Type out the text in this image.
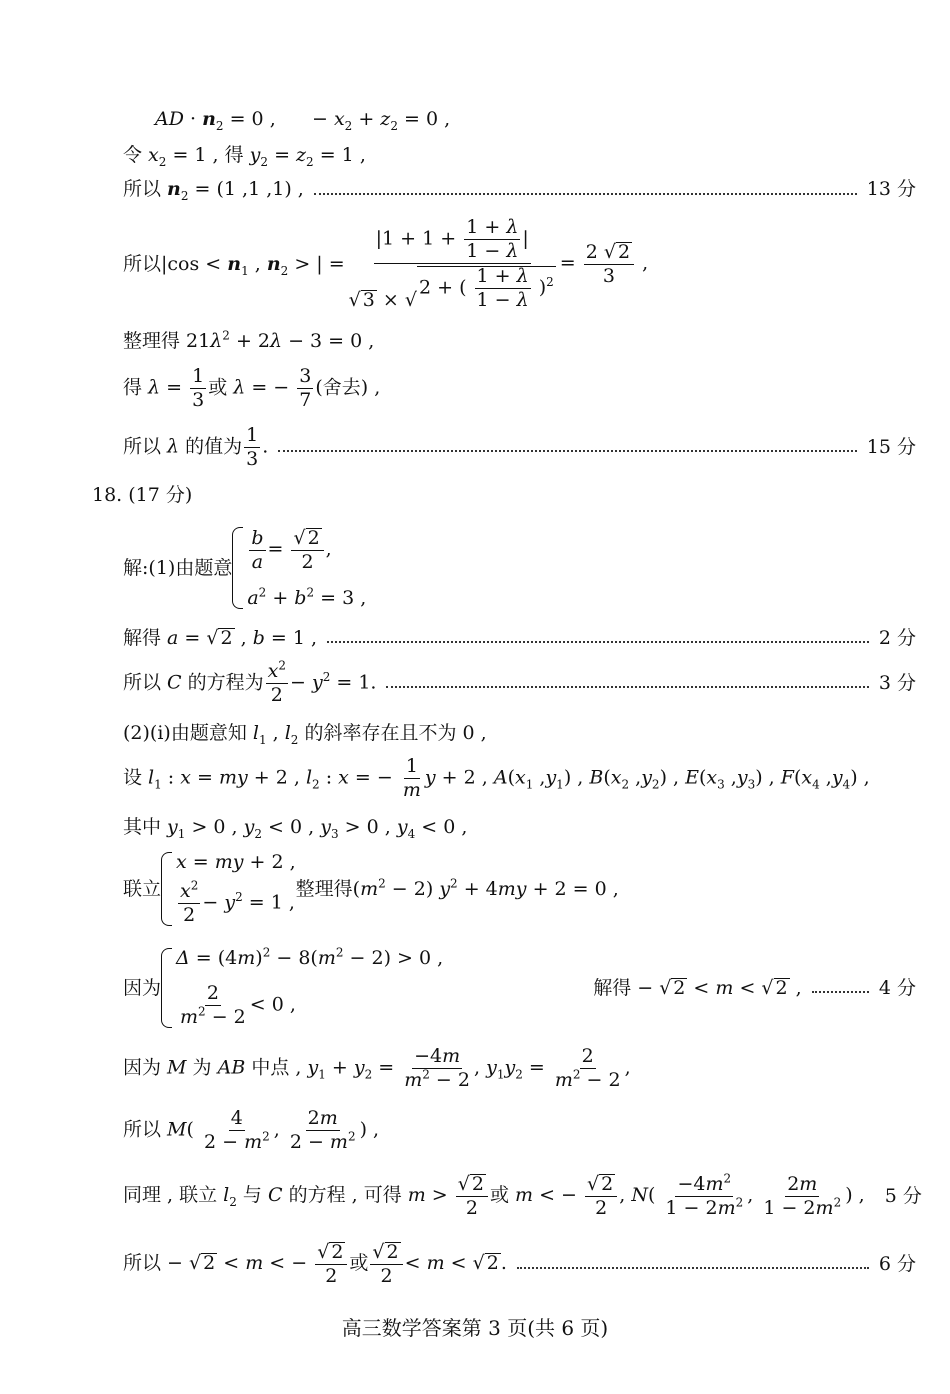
AD · $n_2 = 0$ ,      − $x_2 + z_2 = 0$ ,
令 $x_2 = 1$ , 得 $y_2 = z_2 = 1$ ,
所以 $n_2 = (1$ ,1 ,1) ,	13 分
所以$|\cos < n_1$ , $n_2$ > | = $|1 + 1 + \frac{1 + \lambda}{1 - \lambda}$ |
√ 3 × √
2 + ( $\frac{1 + \lambda}{1 - \lambda} )^2 = \frac{2 √ 2}{3}$ ,
整理得 $21\lambda^2 + 2\lambda - 3 = 0$ ,
得 $\lambda = \frac{1}{3}$ 或 λ = − $\frac{3}{7}$ (舍去) ,
所以 λ 的值为 $\frac{1}{3}$ .	15 分
18. (17 分)
解:(1)由题意 $\frac{b}{a} = \frac{√ 2}{2}$ ,
$a^2 + b^2 = 3$ ,
解得 a = √ 2 , b = 1 ,	2 分
所以 C 的方程为 $\frac{x^2}{2} - y^2 = 1$.	3 分
(2)(ⅰ)由题意知 $l_1$ , $l_2$ 的斜率存在且不为 0 ,
设 $l_1$ : x = my + 2 , $l_2$ : x = − $\frac{1}{m}$ y + 2 , $A(x_1$ $,y_1$) , $B(x_2$ $,y_2$) , $E(x_3$ $,y_3$) , $F(x_4$ $,y_4$) ,
其中 $y_1 > 0$ , $y_2 < 0$ , $y_3 > 0$ , $y_4 < 0$ ,
联立
x = my + 2 ,
$\frac{x^2}{2} - y^2 = 1$ ,
整理得$(m^2 - 2) y^2 + 4my + 2 = 0$ ,
因为
$\Delta = (4m)^2 - 8(m^2 - 2) > 0$ ,
$\frac{2}{m^2 - 2} < 0$ ,
解得 − √ 2 < m < √ 2 ,	4 分
因为 M 为 AB 中点 , $y_1 + y_2 = \frac{-4m}{m^2 - 2}$ , $y_1y_2 = \frac{2}{m^2 - 2}$ ,
所以 $M( \frac{4}{2 - m^2}$ , $\frac{2m}{2 - m^2}$ ) ,
同理 , 联立 $l_2$ 与 C 的方程 , 可得 $m > \frac{√ 2}{2}$ 或 m < − $\frac{√ 2}{2}$ , $N( \frac{-4m^2}{1 - 2m^2}$ , $\frac{2m}{1 - 2m^2}$ ) , 5 分
所以 − √ 2 < m < − $\frac{√ 2}{2}$ 或 $\frac{√ 2}{2} < m$ < √ 2 .	6 分
高三数学答案第 3 页(共 6 页)
